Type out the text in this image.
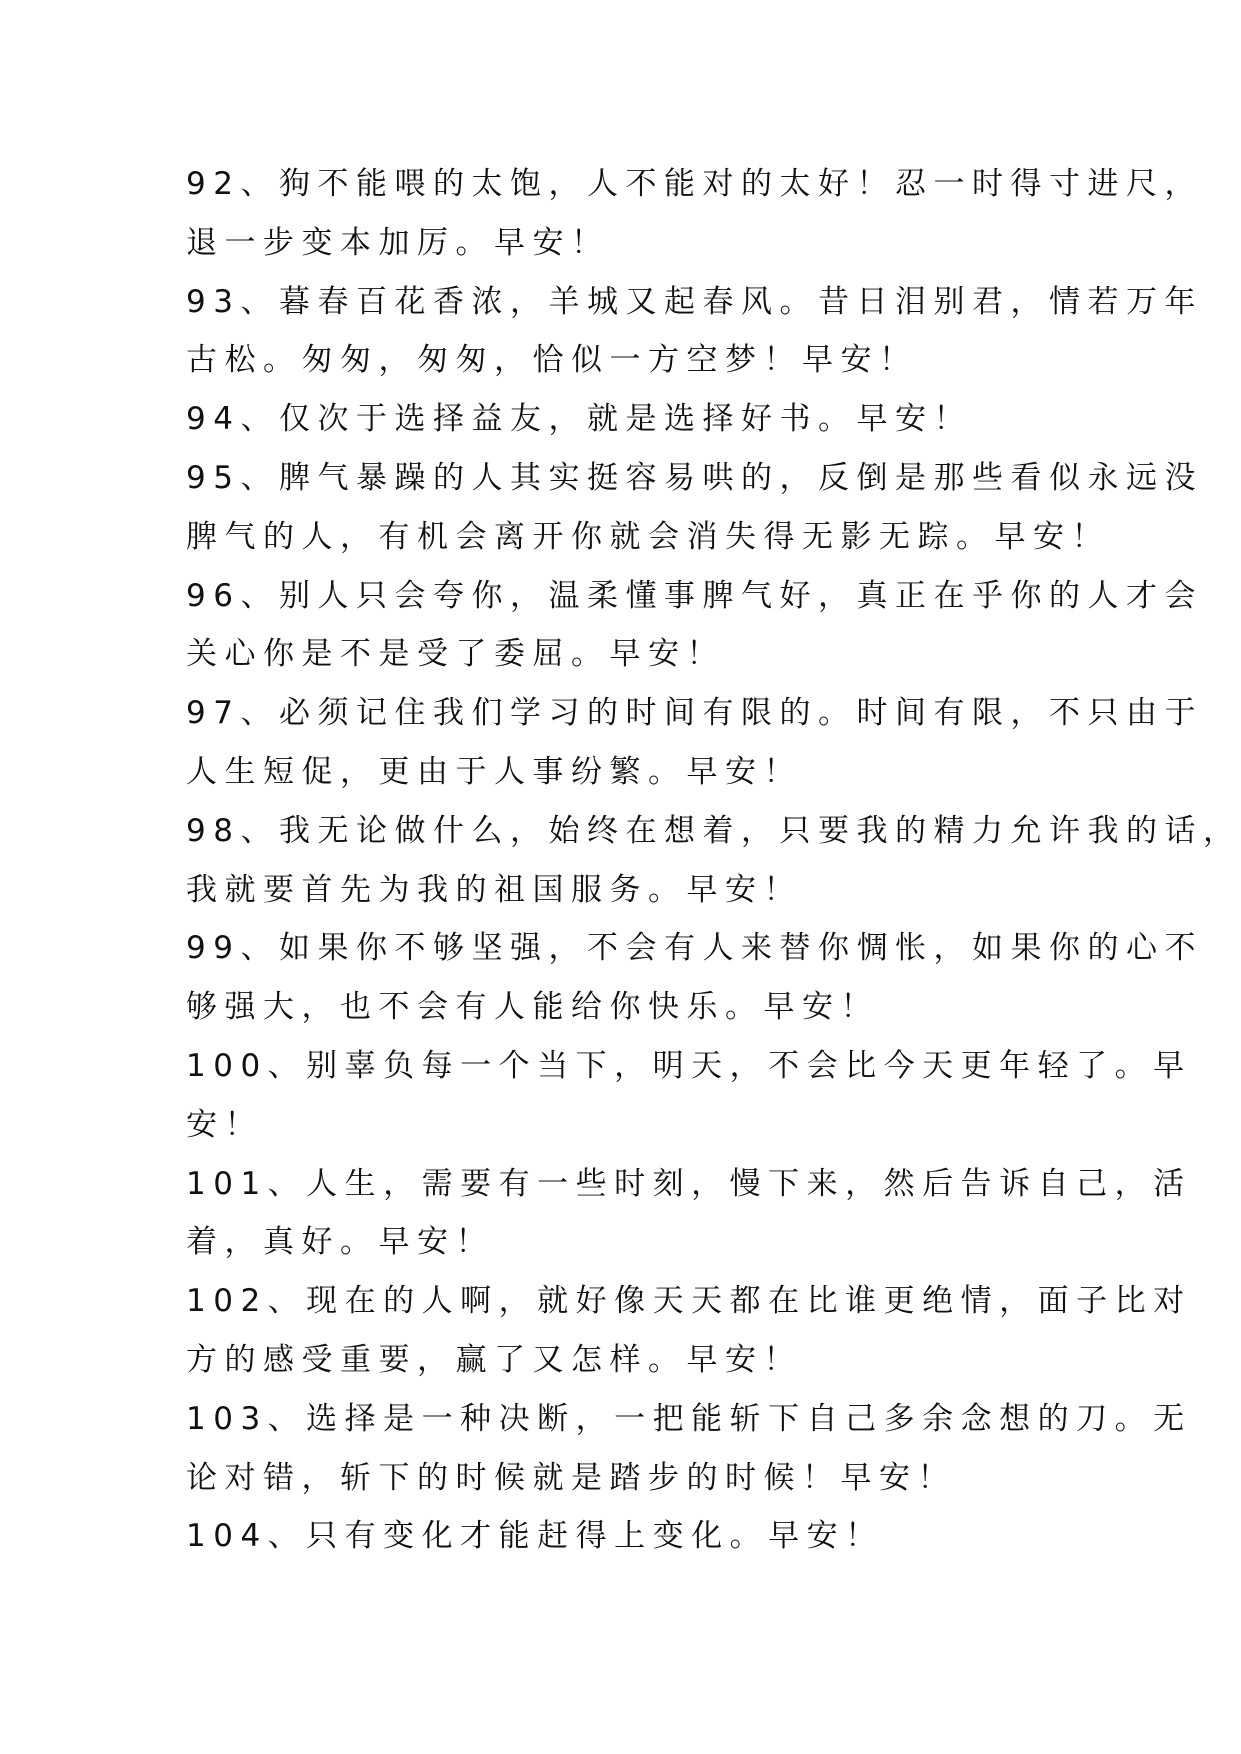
92、狗不能喂的太饱，人不能对的太好！忍一时得寸进尺，
退一步变本加厉。早安！
93、暮春百花香浓，羊城又起春风。昔日泪别君，情若万年
古松。匆匆，匆匆，恰似一方空梦！早安！
94、仅次于选择益友，就是选择好书。早安！
95、脾气暴躁的人其实挺容易哄的，反倒是那些看似永远没
脾气的人，有机会离开你就会消失得无影无踪。早安！
96、别人只会夸你，温柔懂事脾气好，真正在乎你的人才会
关心你是不是受了委屈。早安！
97、必须记住我们学习的时间有限的。时间有限，不只由于
人生短促，更由于人事纷繁。早安！
98、我无论做什么，始终在想着，只要我的精力允许我的话，
我就要首先为我的祖国服务。早安！
99、如果你不够坚强，不会有人来替你惆怅，如果你的心不
够强大，也不会有人能给你快乐。早安！
100、别辜负每一个当下，明天，不会比今天更年轻了。早
安！
101、人生，需要有一些时刻，慢下来，然后告诉自己，活
着，真好。早安！
102、现在的人啊，就好像天天都在比谁更绝情，面子比对
方的感受重要，赢了又怎样。早安！
103、选择是一种决断，一把能斩下自己多余念想的刀。无
论对错，斩下的时候就是踏步的时候！早安！
104、只有变化才能赶得上变化。早安！
